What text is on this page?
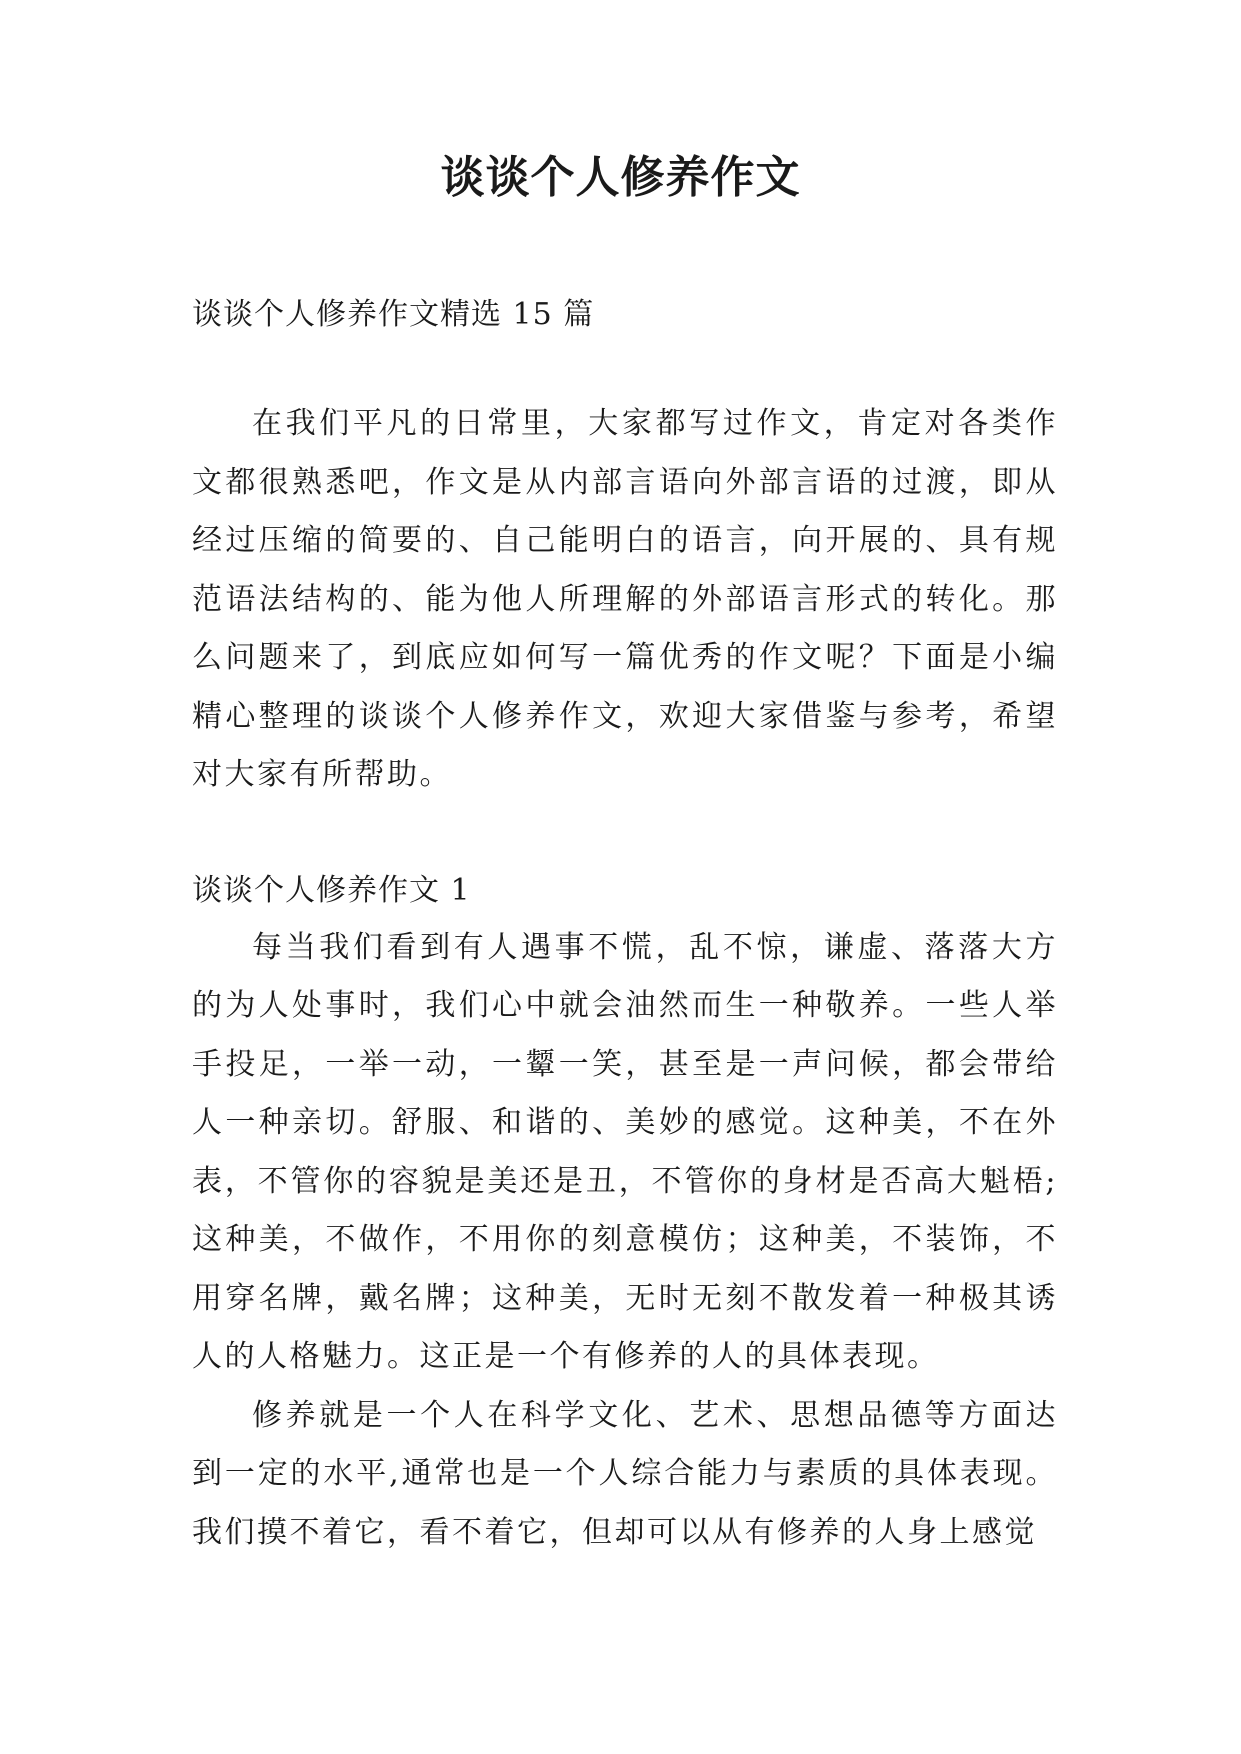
谈谈个人修养作文

谈谈个人修养作文精选 15 篇

在我们平凡的日常里，大家都写过作文，肯定对各类作文都很熟悉吧，作文是从内部言语向外部言语的过渡，即从经过压缩的简要的、自己能明白的语言，向开展的、具有规范语法结构的、能为他人所理解的外部语言形式的转化。那么问题来了，到底应如何写一篇优秀的作文呢？下面是小编精心整理的谈谈个人修养作文，欢迎大家借鉴与参考，希望对大家有所帮助。

谈谈个人修养作文 1

每当我们看到有人遇事不慌，乱不惊，谦虚、落落大方的为人处事时，我们心中就会油然而生一种敬养。一些人举手投足，一举一动，一颦一笑，甚至是一声问候，都会带给人一种亲切。舒服、和谐的、美妙的感觉。这种美，不在外表，不管你的容貌是美还是丑，不管你的身材是否高大魁梧;这种美，不做作，不用你的刻意模仿；这种美，不装饰，不用穿名牌，戴名牌；这种美，无时无刻不散发着一种极其诱人的人格魅力。这正是一个有修养的人的具体表现。

修养就是一个人在科学文化、艺术、思想品德等方面达到一定的水平,通常也是一个人综合能力与素质的具体表现。我们摸不着它，看不着它，但却可以从有修养的人身上感觉
